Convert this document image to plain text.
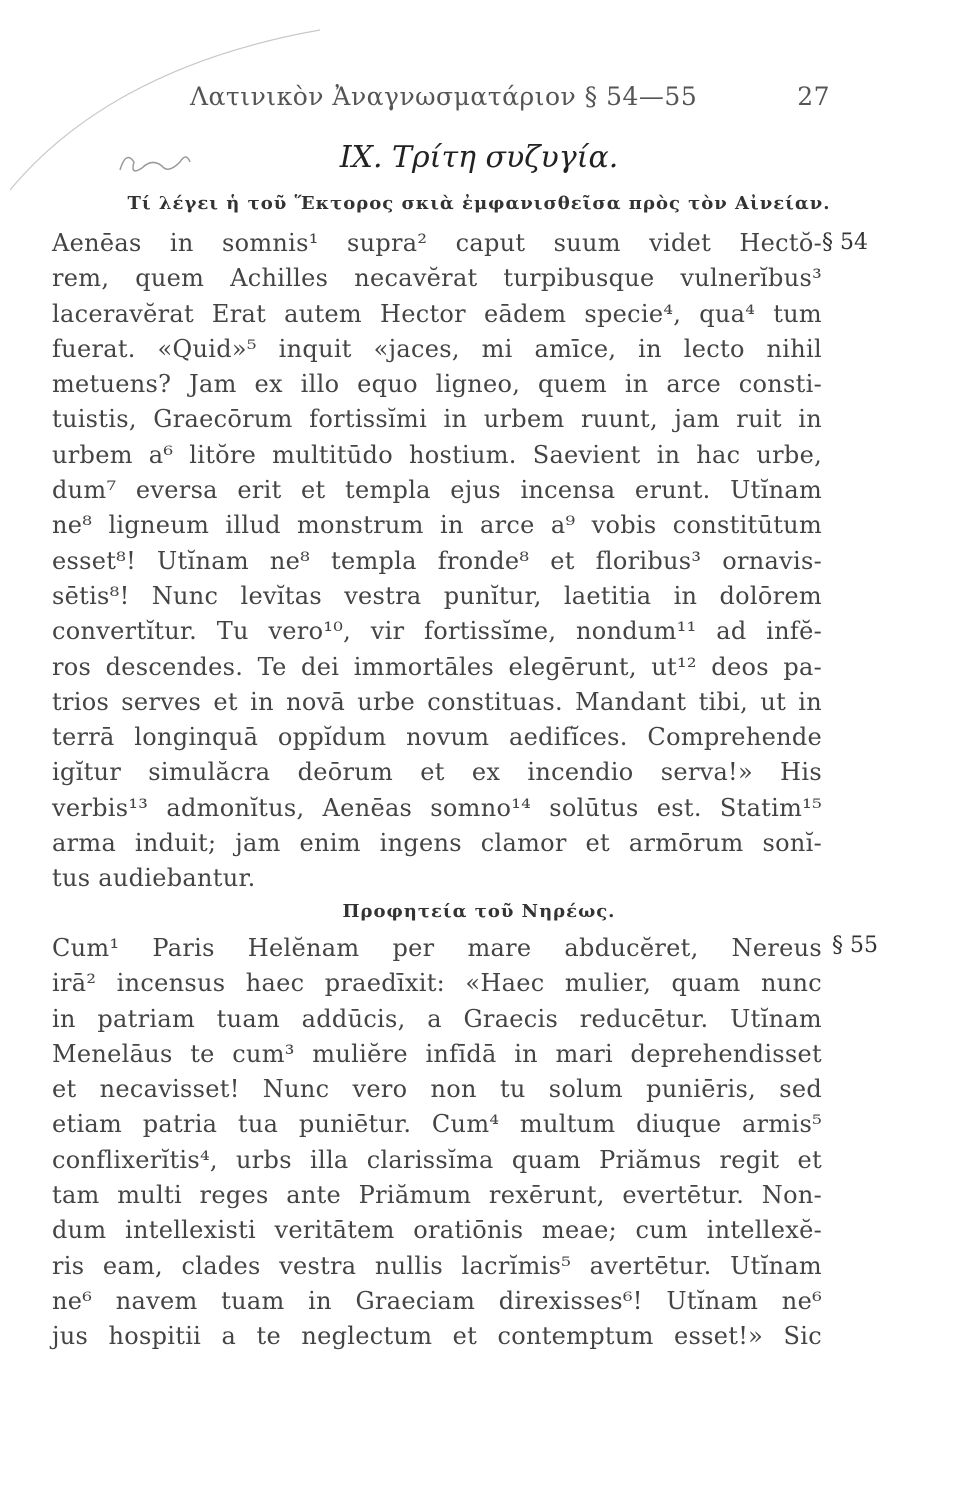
Λατινικὸν Ἀναγνωσματάριον § 54—55	27
IX. Τρίτη συζυγία.
Τί λέγει ἡ τοῦ Ἕκτορος σκιὰ ἐμφανισθεῖσα πρὸς τὸν Αἰνείαν.
§ 54
Aenēas in somnis¹ supra² caput suum videt Hectŏ-
rem, quem Achilles necavĕrat turpibusque vulnerĭbus³
laceravĕrat Erat autem Hector eādem specie⁴, qua⁴ tum
fuerat. «Quid»⁵ inquit «jaces, mi amīce, in lecto nihil
metuens? Jam ex illo equo ligneo, quem in arce consti-
tuistis, Graecōrum fortissĭmi in urbem ruunt, jam ruit in
urbem a⁶ litŏre multitūdo hostium. Saevient in hac urbe,
dum⁷ eversa erit et templa ejus incensa erunt. Utĭnam
ne⁸ ligneum illud monstrum in arce a⁹ vobis constitūtum
esset⁸! Utĭnam ne⁸ templa fronde⁸ et floribus³ ornavis-
sētis⁸! Nunc levĭtas vestra punĭtur, laetitia in dolōrem
convertĭtur. Tu vero¹⁰, vir fortissĭme, nondum¹¹ ad infĕ-
ros descendes. Te dei immortāles elegērunt, ut¹² deos pa-
trios serves et in novā urbe constituas. Mandant tibi, ut in
terrā longinquā oppĭdum novum aedifĭces. Comprehende
igĭtur simulăcra deōrum et ex incendio serva!» His
verbis¹³ admonĭtus, Aenēas somno¹⁴ solūtus est. Statim¹⁵
arma induit; jam enim ingens clamor et armōrum sonĭ-
tus audiebantur.
Προφητεία τοῦ Νηρέως.
§ 55
Cum¹ Paris Helĕnam per mare abducĕret, Nereus
irā² incensus haec praedīxit: «Haec mulier, quam nunc
in patriam tuam addūcis, a Graecis reducētur. Utĭnam
Menelāus te cum³ muliĕre infīdā in mari deprehendisset
et necavisset! Nunc vero non tu solum puniēris, sed
etiam patria tua puniētur. Cum⁴ multum diuque armis⁵
conflixerĭtis⁴, urbs illa clarissĭma quam Priămus regit et
tam multi reges ante Priămum rexērunt, evertētur. Non-
dum intellexisti veritātem oratiōnis meae; cum intellexĕ-
ris eam, clades vestra nullis lacrĭmis⁵ avertētur. Utĭnam
ne⁶ navem tuam in Graeciam direxisses⁶! Utĭnam ne⁶
jus hospitii a te neglectum et contemptum esset!» Sic
